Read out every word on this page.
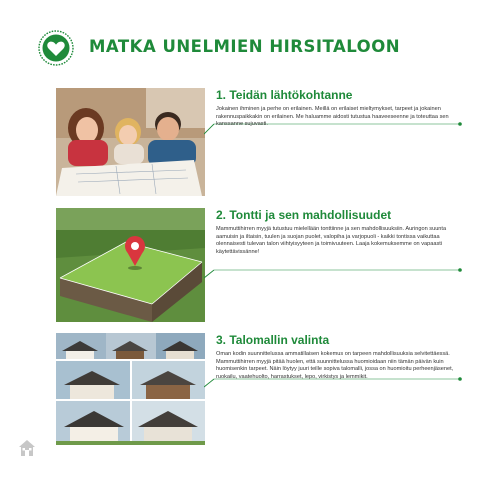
MATKA UNELMIEN HIRSITALOON
1. Teidän lähtökohtanne

Jokainen ihminen ja perhe on erilainen. Meillä on erilaiset mieltymykset, tarpeet ja jokainen rakennuspaikkakin on erilainen. Me haluamme aidosti tutustua haaveeseenne ja toteuttaa sen kanssanne sujuvasti.

2. Tontti ja sen mahdollisuudet

Mammuttihirren myyjä tutustuu mielellään tonttiinne ja sen mahdollisuuksiin. Auringon suunta aamuisin ja iltaisin, tuulen ja suojan puolet, valopiha ja varjopuoli - kaikki tontissa vaikuttaa olennaisesti tulevan talon viihtyisyyteen ja toimivuuteen. Laaja kokemuksemme on vapaasti käytettävissänne!

3. Talomallin valinta

Oman kodin suunnittelussa ammatillaisen kokemus on tarpeen mahdollisuuksia selvitettäessä. Mammuttihirren myyjä pitää huolen, että suunnittelussa huomioidaan niin tämän päivän kuin huomisenkin tarpeet. Näin löytyy juuri teille sopiva talomalli, jossa on huomioitu perheenjäsenet, ruokailu, vaatehuolto, harrastukset, lepo, virkistys ja lemmikit.
